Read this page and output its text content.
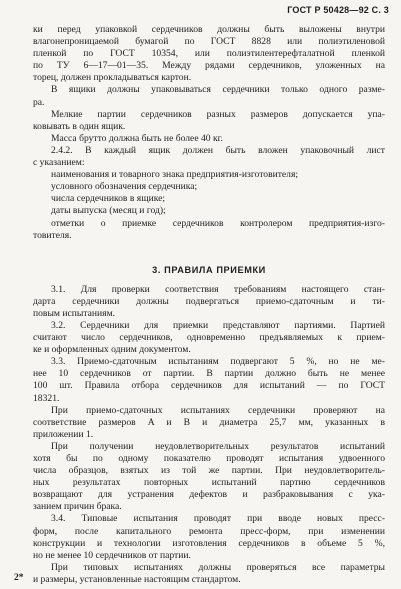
ГОСТ Р 50428—92 С. 3
ки перед упаковкой сердечников должны быть выложены внутри
влагонепроницаемой бумагой по ГОСТ 8828 или полиэтиленовой
пленкой по ГОСТ 10354, или полиэтилентерефталатной пленкой
по ТУ 6—17—01—35. Между рядами сердечников, уложенных на
торец, должен прокладываться картон.
В ящики должны упаковываться сердечники только одного разме-
ра.
Мелкие партии сердечников разных размеров допускается упа-
ковывать в один ящик.
Масса брутто должна быть не более 40 кг.
2.4.2. В каждый ящик должен быть вложен упаковочный лист
с указанием:
наименования и товарного знака предприятия-изготовителя;
условного обозначения сердечника;
числа сердечников в ящике;
даты выпуска (месяц и год);
отметки о приемке сердечников контролером предприятия-изго-
товителя.
3. ПРАВИЛА ПРИЕМКИ
3.1. Для проверки соответствия требованиям настоящего стан-
дарта сердечники должны подвергаться приемо-сдаточным и ти-
повым испытаниям.
3.2. Сердечники для приемки представляют партиями. Партией
считают число сердечников, одновременно предъявляемых к прием-
ке и оформленных одним документом.
3.3. Приемо-сдаточным испытаниям подвергают 5 %, но не ме-
нее 10 сердечников от партии. В партии должно быть не менее
100 шт. Правила отбора сердечников для испытаний — по ГОСТ
18321.
При приемо-сдаточных испытаниях сердечники проверяют на
соответствие размеров A и B и диаметра 25,7 мм, указанных в
приложении 1.
При получении неудовлетворительных результатов испытаний
хотя бы по одному показателю проводят испытания удвоенного
числа образцов, взятых из той же партии. При неудовлетворитель-
ных результатах повторных испытаний партию сердечников
возвращают для устранения дефектов и разбраковывания с ука-
занием причин брака.
3.4. Типовые испытания проводят при вводе новых пресс-
форм, после капитального ремонта пресс-форм, при изменении
конструкции и технологии изготовления сердечников в объеме 5 %,
но не менее 10 сердечников от партии.
При типовых испытаниях должны проверяться все параметры
и размеры, установленные настоящим стандартом.
2*
